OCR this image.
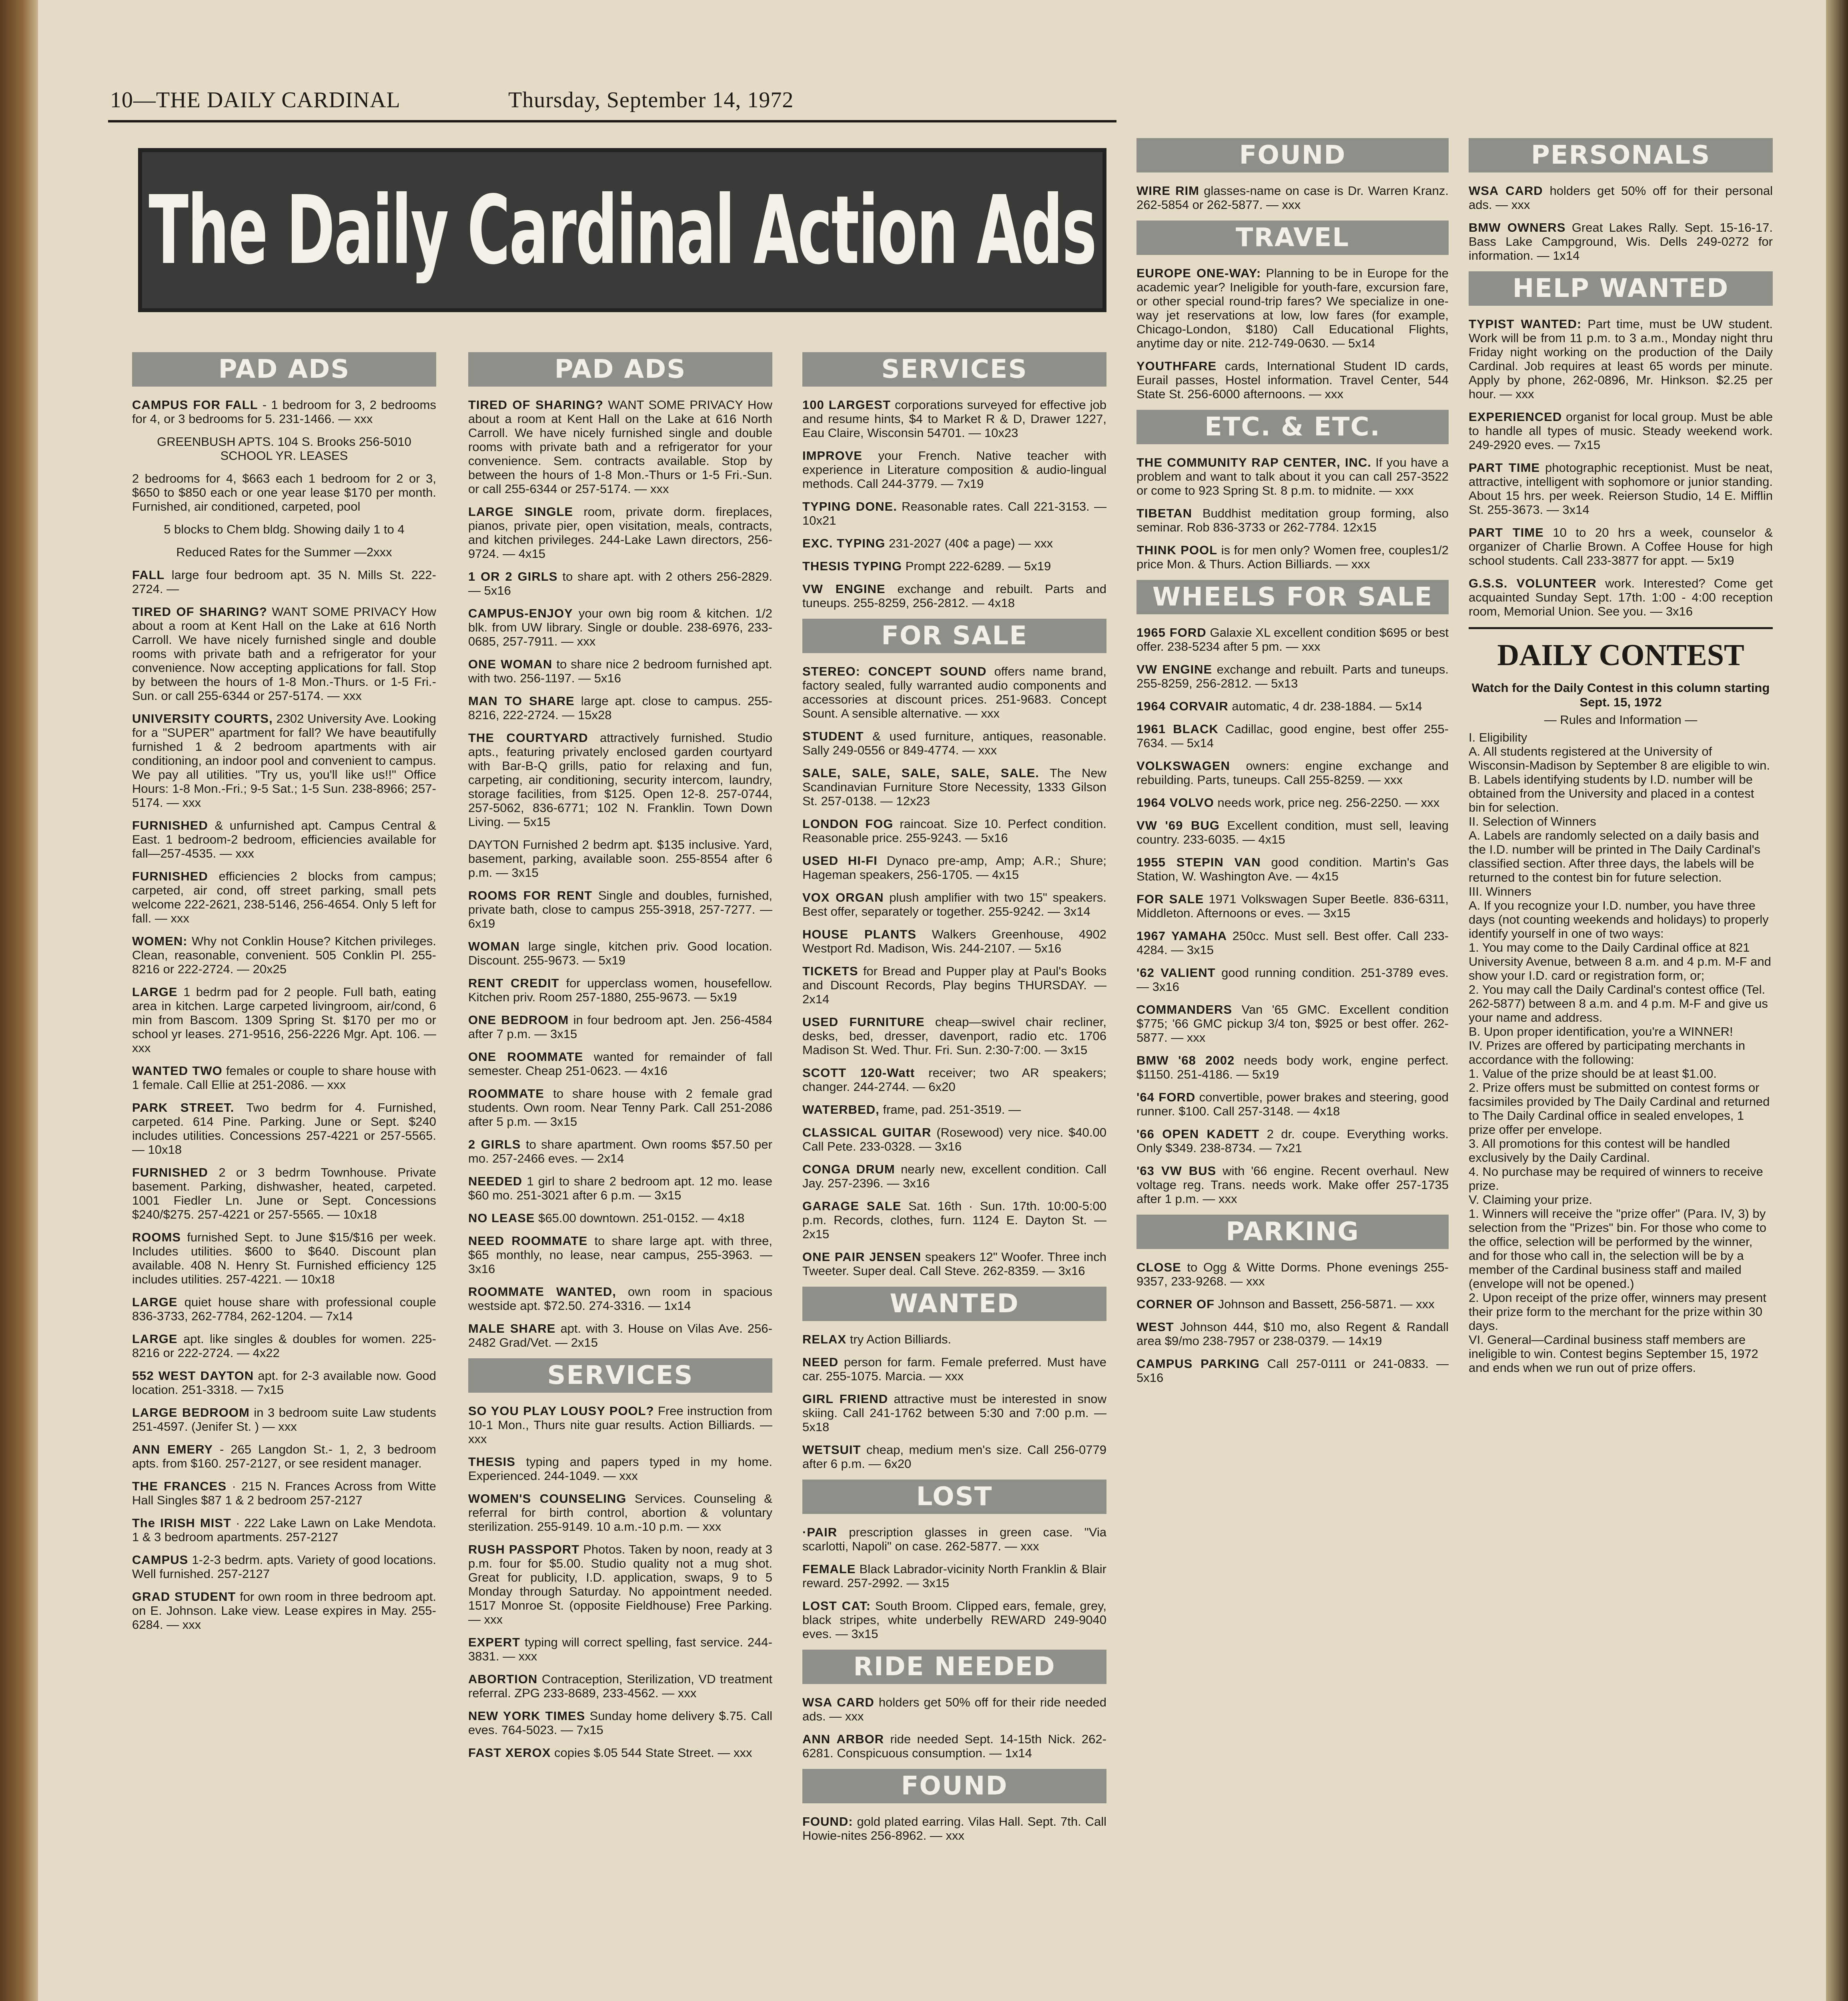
10—THE DAILY CARDINAL	Thursday, September 14, 1972
The Daily Cardinal Action Ads
PAD ADS
CAMPUS FOR FALL - 1 bedroom for 3, 2 bedrooms for 4, or 3 bedrooms for 5. 231-1466. — xxx
GREENBUSH APTS. 104 S. Brooks 256-5010 SCHOOL YR. LEASES
2 bedrooms for 4, $663 each 1 bedroom for 2 or 3, $650 to $850 each or one year lease $170 per month. Furnished, air conditioned, carpeted, pool
5 blocks to Chem bldg. Showing daily 1 to 4
Reduced Rates for the Summer —2xxx
FALL large four bedroom apt. 35 N. Mills St. 222-2724. —
TIRED OF SHARING? WANT SOME PRIVACY How about a room at Kent Hall on the Lake at 616 North Carroll. We have nicely furnished single and double rooms with private bath and a refrigerator for your convenience. Now accepting applications for fall. Stop by between the hours of 1-8 Mon.-Thurs. or 1-5 Fri.-Sun. or call 255-6344 or 257-5174. — xxx
UNIVERSITY COURTS, 2302 University Ave. Looking for a "SUPER" apartment for fall? We have beautifully furnished 1 & 2 bedroom apartments with air conditioning, an indoor pool and convenient to campus. We pay all utilities. "Try us, you'll like us!!" Office Hours: 1-8 Mon.-Fri.; 9-5 Sat.; 1-5 Sun. 238-8966; 257-5174. — xxx
FURNISHED & unfurnished apt. Campus Central & East. 1 bedroom-2 bedroom, efficiencies available for fall—257-4535. — xxx
FURNISHED efficiencies 2 blocks from campus; carpeted, air cond, off street parking, small pets welcome 222-2621, 238-5146, 256-4654. Only 5 left for fall. — xxx
WOMEN: Why not Conklin House? Kitchen privileges. Clean, reasonable, convenient. 505 Conklin Pl. 255-8216 or 222-2724. — 20x25
LARGE 1 bedrm pad for 2 people. Full bath, eating area in kitchen. Large carpeted livingroom, air/cond, 6 min from Bascom. 1309 Spring St. $170 per mo or school yr leases. 271-9516, 256-2226 Mgr. Apt. 106. — xxx
WANTED TWO females or couple to share house with 1 female. Call Ellie at 251-2086. — xxx
PARK STREET. Two bedrm for 4. Furnished, carpeted. 614 Pine. Parking. June or Sept. $240 includes utilities. Concessions 257-4221 or 257-5565. — 10x18
FURNISHED 2 or 3 bedrm Townhouse. Private basement. Parking, dishwasher, heated, carpeted. 1001 Fiedler Ln. June or Sept. Concessions $240/$275. 257-4221 or 257-5565. — 10x18
ROOMS furnished Sept. to June $15/$16 per week. Includes utilities. $600 to $640. Discount plan available. 408 N. Henry St. Furnished efficiency 125 includes utilities. 257-4221. — 10x18
LARGE quiet house share with professional couple 836-3733, 262-7784, 262-1204. — 7x14
LARGE apt. like singles & doubles for women. 225-8216 or 222-2724. — 4x22
552 WEST DAYTON apt. for 2-3 available now. Good location. 251-3318. — 7x15
LARGE BEDROOM in 3 bedroom suite Law students 251-4597. (Jenifer St. ) — xxx
ANN EMERY - 265 Langdon St.- 1, 2, 3 bedroom apts. from $160. 257-2127, or see resident manager.
THE FRANCES · 215 N. Frances Across from Witte Hall Singles $87 1 & 2 bedroom 257-2127
The IRISH MIST · 222 Lake Lawn on Lake Mendota. 1 & 3 bedroom apartments. 257-2127
CAMPUS 1-2-3 bedrm. apts. Variety of good locations. Well furnished. 257-2127
GRAD STUDENT for own room in three bedroom apt. on E. Johnson. Lake view. Lease expires in May. 255-6284. — xxx
PAD ADS
TIRED OF SHARING? WANT SOME PRIVACY How about a room at Kent Hall on the Lake at 616 North Carroll. We have nicely furnished single and double rooms with private bath and a refrigerator for your convenience. Sem. contracts available. Stop by between the hours of 1-8 Mon.-Thurs or 1-5 Fri.-Sun. or call 255-6344 or 257-5174. — xxx
LARGE SINGLE room, private dorm. fireplaces, pianos, private pier, open visitation, meals, contracts, and kitchen privileges. 244-Lake Lawn directors, 256-9724. — 4x15
1 OR 2 GIRLS to share apt. with 2 others 256-2829. — 5x16
CAMPUS-ENJOY your own big room & kitchen. 1/2 blk. from UW library. Single or double. 238-6976, 233-0685, 257-7911. — xxx
ONE WOMAN to share nice 2 bedroom furnished apt. with two. 256-1197. — 5x16
MAN TO SHARE large apt. close to campus. 255-8216, 222-2724. — 15x28
THE COURTYARD attractively furnished. Studio apts., featuring privately enclosed garden courtyard with Bar-B-Q grills, patio for relaxing and fun, carpeting, air conditioning, security intercom, laundry, storage facilities, from $125. Open 12-8. 257-0744, 257-5062, 836-6771; 102 N. Franklin. Town Down Living. — 5x15
DAYTON Furnished 2 bedrm apt. $135 inclusive. Yard, basement, parking, available soon. 255-8554 after 6 p.m. — 3x15
ROOMS FOR RENT Single and doubles, furnished, private bath, close to campus 255-3918, 257-7277. — 6x19
WOMAN large single, kitchen priv. Good location. Discount. 255-9673. — 5x19
RENT CREDIT for upperclass women, housefellow. Kitchen priv. Room 257-1880, 255-9673. — 5x19
ONE BEDROOM in four bedroom apt. Jen. 256-4584 after 7 p.m. — 3x15
ONE ROOMMATE wanted for remainder of fall semester. Cheap 251-0623. — 4x16
ROOMMATE to share house with 2 female grad students. Own room. Near Tenny Park. Call 251-2086 after 5 p.m. — 3x15
2 GIRLS to share apartment. Own rooms $57.50 per mo. 257-2466 eves. — 2x14
NEEDED 1 girl to share 2 bedroom apt. 12 mo. lease $60 mo. 251-3021 after 6 p.m. — 3x15
NO LEASE $65.00 downtown. 251-0152. — 4x18
NEED ROOMMATE to share large apt. with three, $65 monthly, no lease, near campus, 255-3963. — 3x16
ROOMMATE WANTED, own room in spacious westside apt. $72.50. 274-3316. — 1x14
MALE SHARE apt. with 3. House on Vilas Ave. 256-2482 Grad/Vet. — 2x15
SERVICES
SO YOU PLAY LOUSY POOL? Free instruction from 10-1 Mon., Thurs nite guar results. Action Billiards. — xxx
THESIS typing and papers typed in my home. Experienced. 244-1049. — xxx
WOMEN'S COUNSELING Services. Counseling & referral for birth control, abortion & voluntary sterilization. 255-9149. 10 a.m.-10 p.m. — xxx
RUSH PASSPORT Photos. Taken by noon, ready at 3 p.m. four for $5.00. Studio quality not a mug shot. Great for publicity, I.D. application, swaps, 9 to 5 Monday through Saturday. No appointment needed. 1517 Monroe St. (opposite Fieldhouse) Free Parking. — xxx
EXPERT typing will correct spelling, fast service. 244-3831. — xxx
ABORTION Contraception, Sterilization, VD treatment referral. ZPG 233-8689, 233-4562. — xxx
NEW YORK TIMES Sunday home delivery $.75. Call eves. 764-5023. — 7x15
FAST XEROX copies $.05 544 State Street. — xxx
SERVICES
100 LARGEST corporations surveyed for effective job and resume hints, $4 to Market R & D, Drawer 1227, Eau Claire, Wisconsin 54701. — 10x23
IMPROVE your French. Native teacher with experience in Literature composition & audio-lingual methods. Call 244-3779. — 7x19
TYPING DONE. Reasonable rates. Call 221-3153. — 10x21
EXC. TYPING 231-2027 (40¢ a page) — xxx
THESIS TYPING Prompt 222-6289. — 5x19
VW ENGINE exchange and rebuilt. Parts and tuneups. 255-8259, 256-2812. — 4x18
FOR SALE
STEREO: CONCEPT SOUND offers name brand, factory sealed, fully warranted audio components and accessories at discount prices. 251-9683. Concept Sount. A sensible alternative. — xxx
STUDENT & used furniture, antiques, reasonable. Sally 249-0556 or 849-4774. — xxx
SALE, SALE, SALE, SALE, SALE. The New Scandinavian Furniture Store Necessity, 1333 Gilson St. 257-0138. — 12x23
LONDON FOG raincoat. Size 10. Perfect condition. Reasonable price. 255-9243. — 5x16
USED HI-FI Dynaco pre-amp, Amp; A.R.; Shure; Hageman speakers, 256-1705. — 4x15
VOX ORGAN plush amplifier with two 15" speakers. Best offer, separately or together. 255-9242. — 3x14
HOUSE PLANTS Walkers Greenhouse, 4902 Westport Rd. Madison, Wis. 244-2107. — 5x16
TICKETS for Bread and Pupper play at Paul's Books and Discount Records, Play begins THURSDAY. — 2x14
USED FURNITURE cheap—swivel chair recliner, desks, bed, dresser, davenport, radio etc. 1706 Madison St. Wed. Thur. Fri. Sun. 2:30-7:00. — 3x15
SCOTT 120-Watt receiver; two AR speakers; changer. 244-2744. — 6x20
WATERBED, frame, pad. 251-3519. —
CLASSICAL GUITAR (Rosewood) very nice. $40.00 Call Pete. 233-0328. — 3x16
CONGA DRUM nearly new, excellent condition. Call Jay. 257-2396. — 3x16
GARAGE SALE Sat. 16th · Sun. 17th. 10:00-5:00 p.m. Records, clothes, furn. 1124 E. Dayton St. — 2x15
ONE PAIR JENSEN speakers 12" Woofer. Three inch Tweeter. Super deal. Call Steve. 262-8359. — 3x16
WANTED
RELAX try Action Billiards.
NEED person for farm. Female preferred. Must have car. 255-1075. Marcia. — xxx
GIRL FRIEND attractive must be interested in snow skiing. Call 241-1762 between 5:30 and 7:00 p.m. — 5x18
WETSUIT cheap, medium men's size. Call 256-0779 after 6 p.m. — 6x20
LOST
·PAIR prescription glasses in green case. "Via scarlotti, Napoli" on case. 262-5877. — xxx
FEMALE Black Labrador-vicinity North Franklin & Blair reward. 257-2992. — 3x15
LOST CAT: South Broom. Clipped ears, female, grey, black stripes, white underbelly REWARD 249-9040 eves. — 3x15
RIDE NEEDED
WSA CARD holders get 50% off for their ride needed ads. — xxx
ANN ARBOR ride needed Sept. 14-15th Nick. 262-6281. Conspicuous consumption. — 1x14
FOUND
FOUND: gold plated earring. Vilas Hall. Sept. 7th. Call Howie-nites 256-8962. — xxx
FOUND
WIRE RIM glasses-name on case is Dr. Warren Kranz. 262-5854 or 262-5877. — xxx
TRAVEL
EUROPE ONE-WAY: Planning to be in Europe for the academic year? Ineligible for youth-fare, excursion fare, or other special round-trip fares? We specialize in one-way jet reservations at low, low fares (for example, Chicago-London, $180) Call Educational Flights, anytime day or nite. 212-749-0630. — 5x14
YOUTHFARE cards, International Student ID cards, Eurail passes, Hostel information. Travel Center, 544 State St. 256-6000 afternoons. — xxx
ETC. & ETC.
THE COMMUNITY RAP CENTER, INC. If you have a problem and want to talk about it you can call 257-3522 or come to 923 Spring St. 8 p.m. to midnite. — xxx
TIBETAN Buddhist meditation group forming, also seminar. Rob 836-3733 or 262-7784. 12x15
THINK POOL is for men only? Women free, couples1/2 price Mon. & Thurs. Action Billiards. — xxx
WHEELS FOR SALE
1965 FORD Galaxie XL excellent condition $695 or best offer. 238-5234 after 5 pm. — xxx
VW ENGINE exchange and rebuilt. Parts and tuneups. 255-8259, 256-2812. — 5x13
1964 CORVAIR automatic, 4 dr. 238-1884. — 5x14
1961 BLACK Cadillac, good engine, best offer 255-7634. — 5x14
VOLKSWAGEN owners: engine exchange and rebuilding. Parts, tuneups. Call 255-8259. — xxx
1964 VOLVO needs work, price neg. 256-2250. — xxx
VW '69 BUG Excellent condition, must sell, leaving country. 233-6035. — 4x15
1955 STEPIN VAN good condition. Martin's Gas Station, W. Washington Ave. — 4x15
FOR SALE 1971 Volkswagen Super Beetle. 836-6311, Middleton. Afternoons or eves. — 3x15
1967 YAMAHA 250cc. Must sell. Best offer. Call 233-4284. — 3x15
'62 VALIENT good running condition. 251-3789 eves. — 3x16
COMMANDERS Van '65 GMC. Excellent condition $775; '66 GMC pickup 3/4 ton, $925 or best offer. 262-5877. — xxx
BMW '68 2002 needs body work, engine perfect. $1150. 251-4186. — 5x19
'64 FORD convertible, power brakes and steering, good runner. $100. Call 257-3148. — 4x18
'66 OPEN KADETT 2 dr. coupe. Everything works. Only $349. 238-8734. — 7x21
'63 VW BUS with '66 engine. Recent overhaul. New voltage reg. Trans. needs work. Make offer 257-1735 after 1 p.m. — xxx
PARKING
CLOSE to Ogg & Witte Dorms. Phone evenings 255-9357, 233-9268. — xxx
CORNER OF Johnson and Bassett, 256-5871. — xxx
WEST Johnson 444, $10 mo, also Regent & Randall area $9/mo 238-7957 or 238-0379. — 14x19
CAMPUS PARKING Call 257-0111 or 241-0833. — 5x16
PERSONALS
WSA CARD holders get 50% off for their personal ads. — xxx
BMW OWNERS Great Lakes Rally. Sept. 15-16-17. Bass Lake Campground, Wis. Dells 249-0272 for information. — 1x14
HELP WANTED
TYPIST WANTED: Part time, must be UW student. Work will be from 11 p.m. to 3 a.m., Monday night thru Friday night working on the production of the Daily Cardinal. Job requires at least 65 words per minute. Apply by phone, 262-0896, Mr. Hinkson. $2.25 per hour. — xxx
EXPERIENCED organist for local group. Must be able to handle all types of music. Steady weekend work. 249-2920 eves. — 7x15
PART TIME photographic receptionist. Must be neat, attractive, intelligent with sophomore or junior standing. About 15 hrs. per week. Reierson Studio, 14 E. Mifflin St. 255-3673. — 3x14
PART TIME 10 to 20 hrs a week, counselor & organizer of Charlie Brown. A Coffee House for high school students. Call 233-3877 for appt. — 5x19
G.S.S. VOLUNTEER work. Interested? Come get acquainted Sunday Sept. 17th. 1:00 - 4:00 reception room, Memorial Union. See you. — 3x16
DAILY CONTEST
Watch for the Daily Contest in this column starting Sept. 15, 1972
— Rules and Information —

I. Eligibility

A. All students registered at the University of Wisconsin-Madison by September 8 are eligible to win.

B. Labels identifying students by I.D. number will be obtained from the University and placed in a contest bin for selection.

II. Selection of Winners

A. Labels are randomly selected on a daily basis and the I.D. number will be printed in The Daily Cardinal's classified section. After three days, the labels will be returned to the contest bin for future selection.

III. Winners

A. If you recognize your I.D. number, you have three days (not counting weekends and holidays) to properly identify yourself in one of two ways:

1. You may come to the Daily Cardinal office at 821 University Avenue, between 8 a.m. and 4 p.m. M-F and show your I.D. card or registration form, or;

2. You may call the Daily Cardinal's contest office (Tel. 262-5877) between 8 a.m. and 4 p.m. M-F and give us your name and address.

B. Upon proper identification, you're a WINNER!

IV. Prizes are offered by participating merchants in accordance with the following:

1. Value of the prize should be at least $1.00.

2. Prize offers must be submitted on contest forms or facsimiles provided by The Daily Cardinal and returned to The Daily Cardinal office in sealed envelopes, 1 prize offer per envelope.

3. All promotions for this contest will be handled exclusively by the Daily Cardinal.

4. No purchase may be required of winners to receive prize.

V. Claiming your prize.

1. Winners will receive the "prize offer" (Para. IV, 3) by selection from the "Prizes" bin. For those who come to the office, selection will be performed by the winner, and for those who call in, the selection will be by a member of the Cardinal business staff and mailed (envelope will not be opened.)

2. Upon receipt of the prize offer, winners may present their prize form to the merchant for the prize within 30 days.

VI. General—Cardinal business staff members are ineligible to win. Contest begins September 15, 1972 and ends when we run out of prize offers.
